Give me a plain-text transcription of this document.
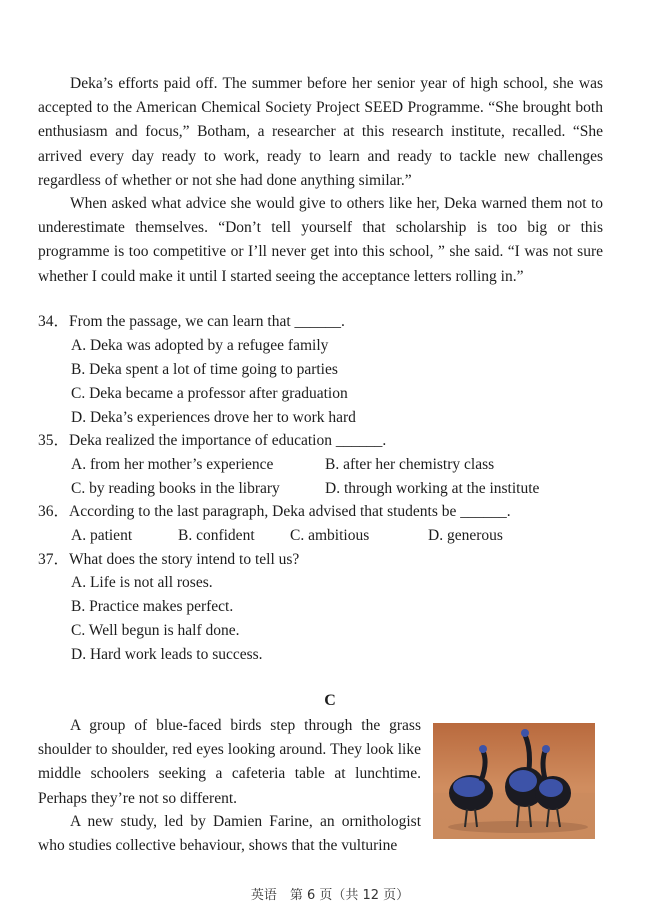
Deka’s efforts paid off. The summer before her senior year of high school, she was accepted to the American Chemical Society Project SEED Programme. “She brought both enthusiasm and focus,” Botham, a researcher at this research institute, recalled. “She arrived every day ready to work, ready to learn and ready to tackle new challenges regardless of whether or not she had done anything similar.”

When asked what advice she would give to others like her, Deka warned them not to underestimate themselves. “Don’t tell yourself that scholarship is too big or this programme is too competitive or I’ll never get into this school, ” she said. “I was not sure whether I could make it until I started seeing the acceptance letters rolling in.”

34．From the passage, we can learn that ______.

A. Deka was adopted by a refugee family

B. Deka spent a lot of time going to parties

C. Deka became a professor after graduation

D. Deka’s experiences drove her to work hard

35．Deka realized the importance of education ______.

A. from her mother’s experience	B. after her chemistry class

C. by reading books in the library	D. through working at the institute

36．According to the last paragraph, Deka advised that students be ______.

A. patient	B. confident C. ambitious	D. generous

37．What does the story intend to tell us?

A. Life is not all roses.

B. Practice makes perfect.

C. Well begun is half done.

D. Hard work leads to success.

C

A group of blue-faced birds step through the grass shoulder to shoulder, red eyes looking around. They look like middle schoolers seeking a cafeteria table at lunchtime. Perhaps they’re not so different.

A new study, led by Damien Farine, an ornithologist who studies collective behaviour, shows that the vulturine

英语　第 6 页（共 12 页）
